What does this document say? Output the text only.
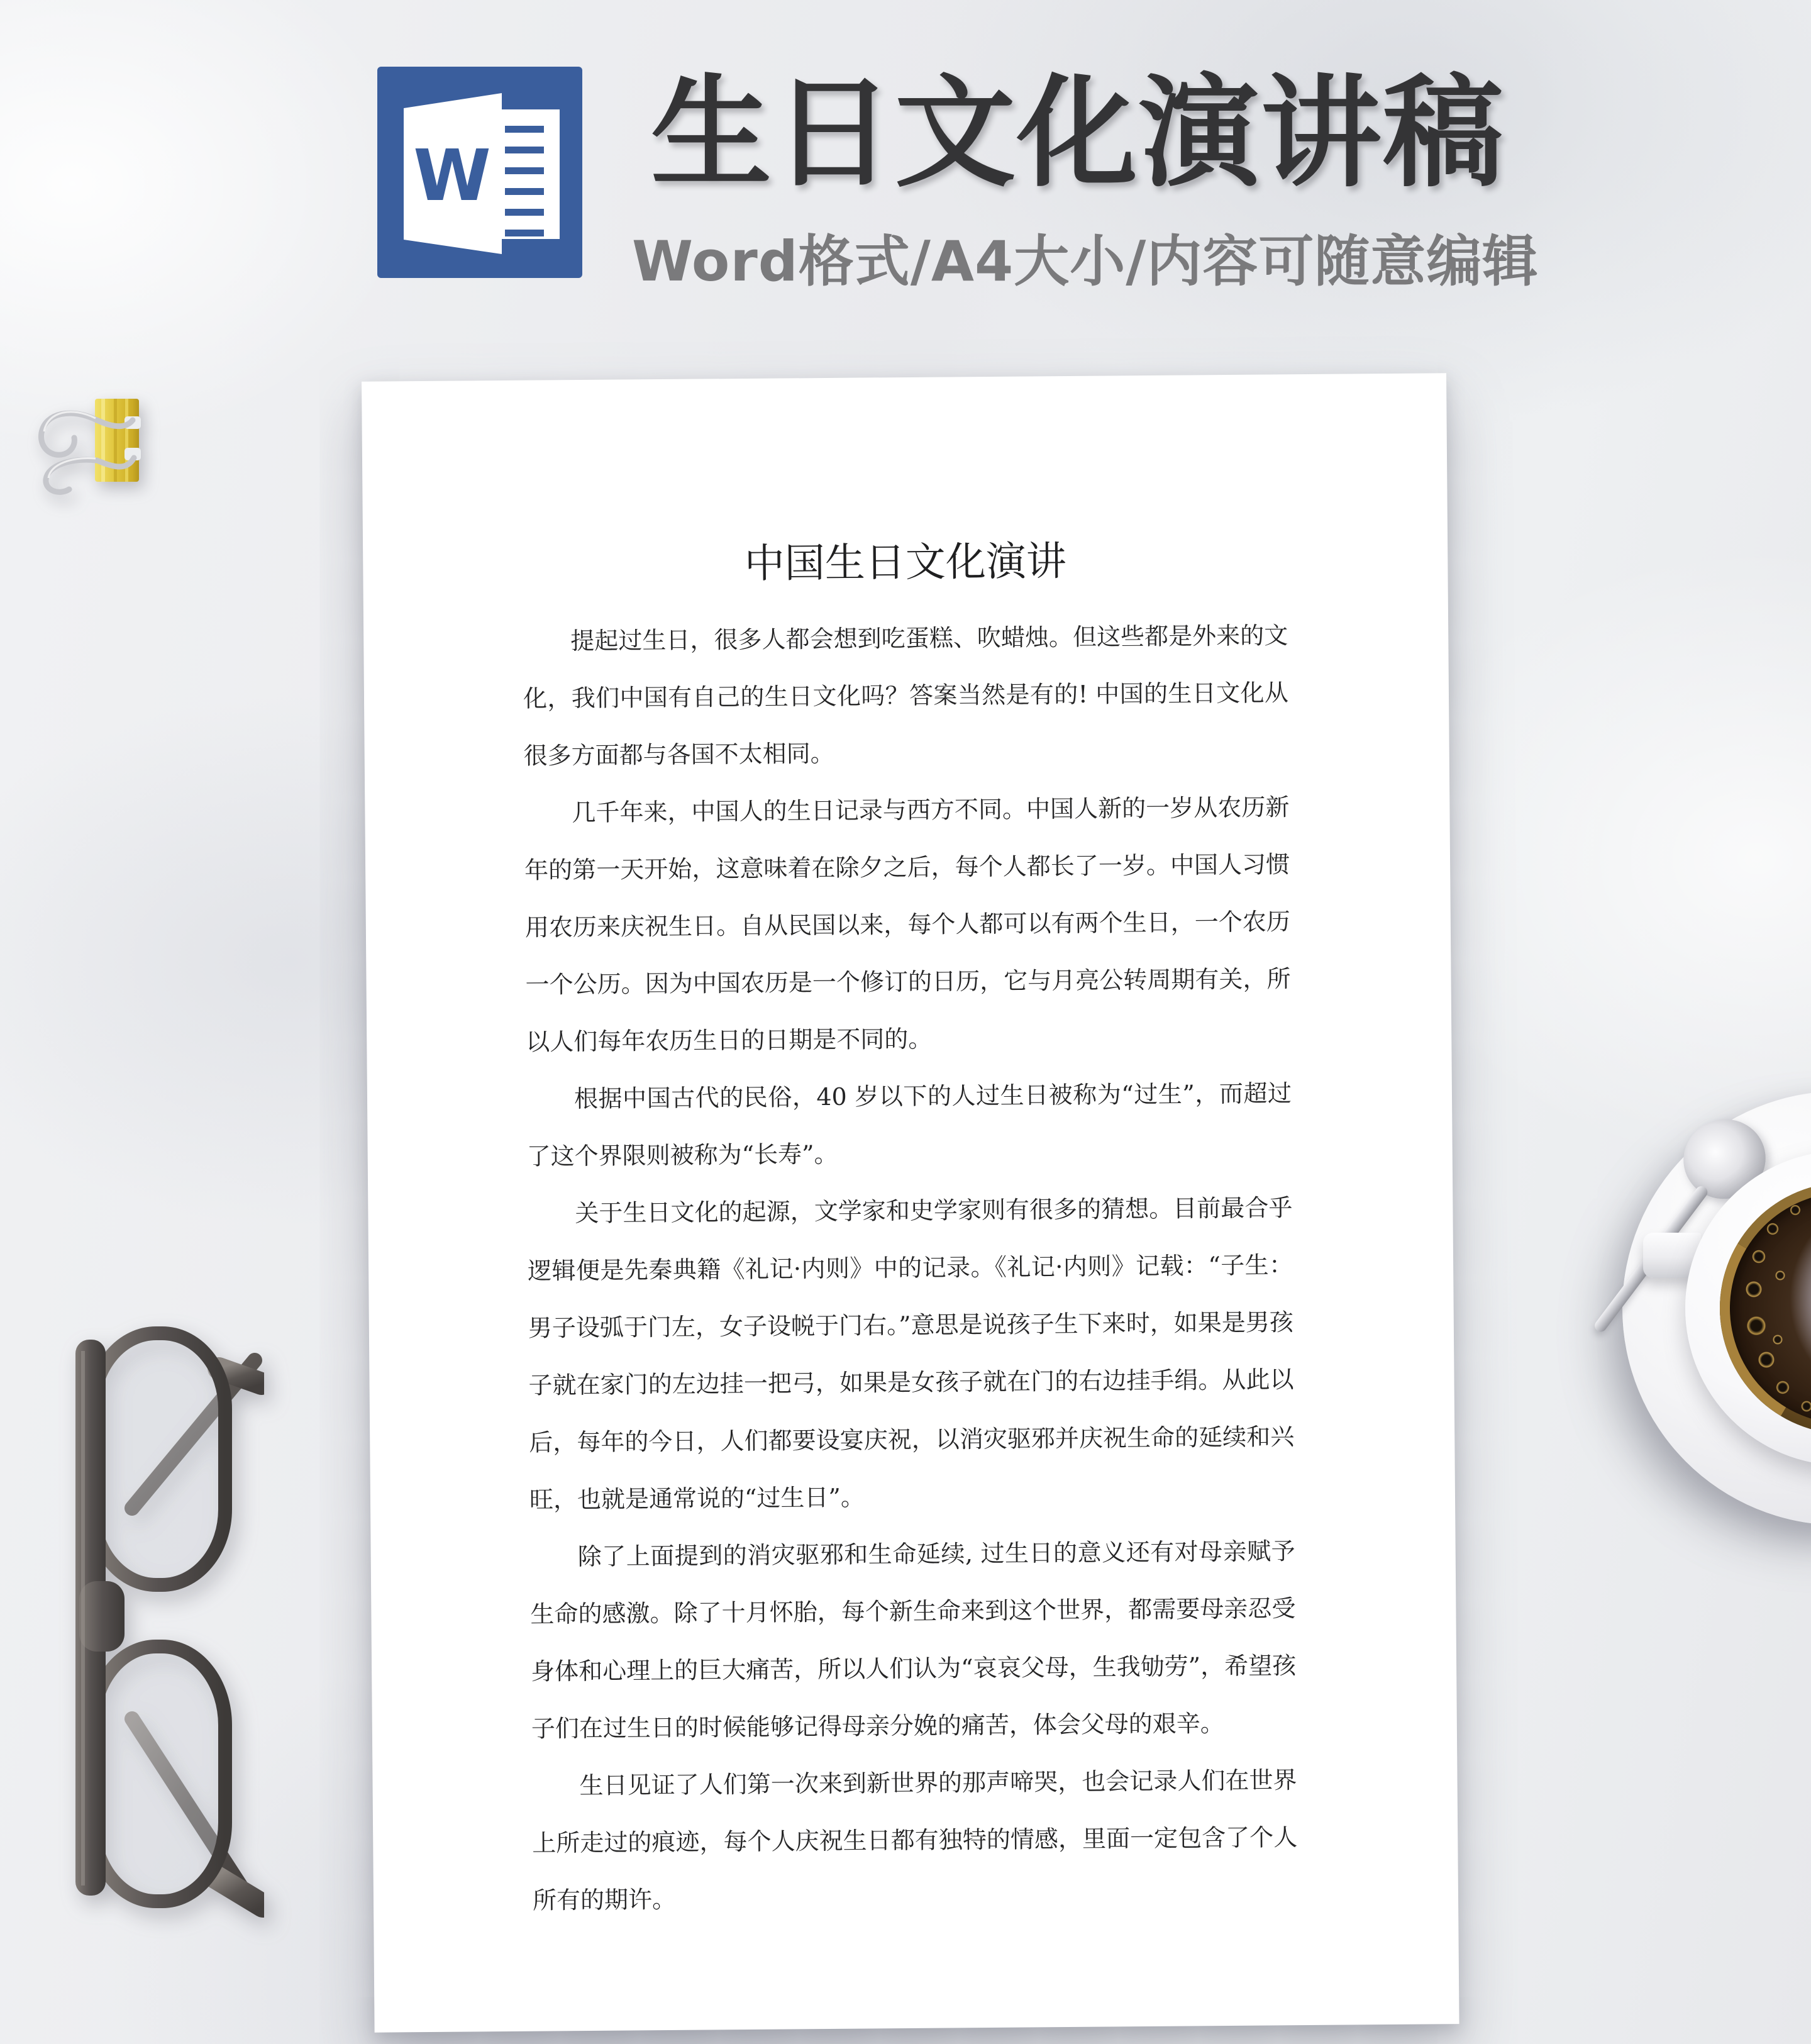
W 生日文化演讲稿
Word格式/A4大小/内容可随意编辑
中国生日文化演讲

提起过生日，很多人都会想到吃蛋糕、吹蜡烛。但这些都是外来的文化，我们中国有自己的生日文化吗？答案当然是有的! 中国的生日文化从很多方面都与各国不太相同。

几千年来，中国人的生日记录与西方不同。中国人新的一岁从农历新年的第一天开始，这意味着在除夕之后，每个人都长了一岁。中国人习惯用农历来庆祝生日。自从民国以来，每个人都可以有两个生日，一个农历一个公历。因为中国农历是一个修订的日历，它与月亮公转周期有关，所以人们每年农历生日的日期是不同的。

根据中国古代的民俗，40 岁以下的人过生日被称为“过生”，而超过了这个界限则被称为“长寿”。

关于生日文化的起源，文学家和史学家则有很多的猜想。目前最合乎逻辑便是先秦典籍《礼记·内则》中的记录。《礼记·内则》记载：“子生：男子设弧于门左，女子设帨于门右。”意思是说孩子生下来时，如果是男孩子就在家门的左边挂一把弓，如果是女孩子就在门的右边挂手绢。从此以后，每年的今日，人们都要设宴庆祝，以消灾驱邪并庆祝生命的延续和兴旺，也就是通常说的“过生日”。

除了上面提到的消灾驱邪和生命延续, 过生日的意义还有对母亲赋予生命的感激。除了十月怀胎，每个新生命来到这个世界，都需要母亲忍受身体和心理上的巨大痛苦，所以人们认为“哀哀父母，生我劬劳”，希望孩子们在过生日的时候能够记得母亲分娩的痛苦，体会父母的艰辛。

生日见证了人们第一次来到新世界的那声啼哭，也会记录人们在世界上所走过的痕迹，每个人庆祝生日都有独特的情感，里面一定包含了个人所有的期许。
